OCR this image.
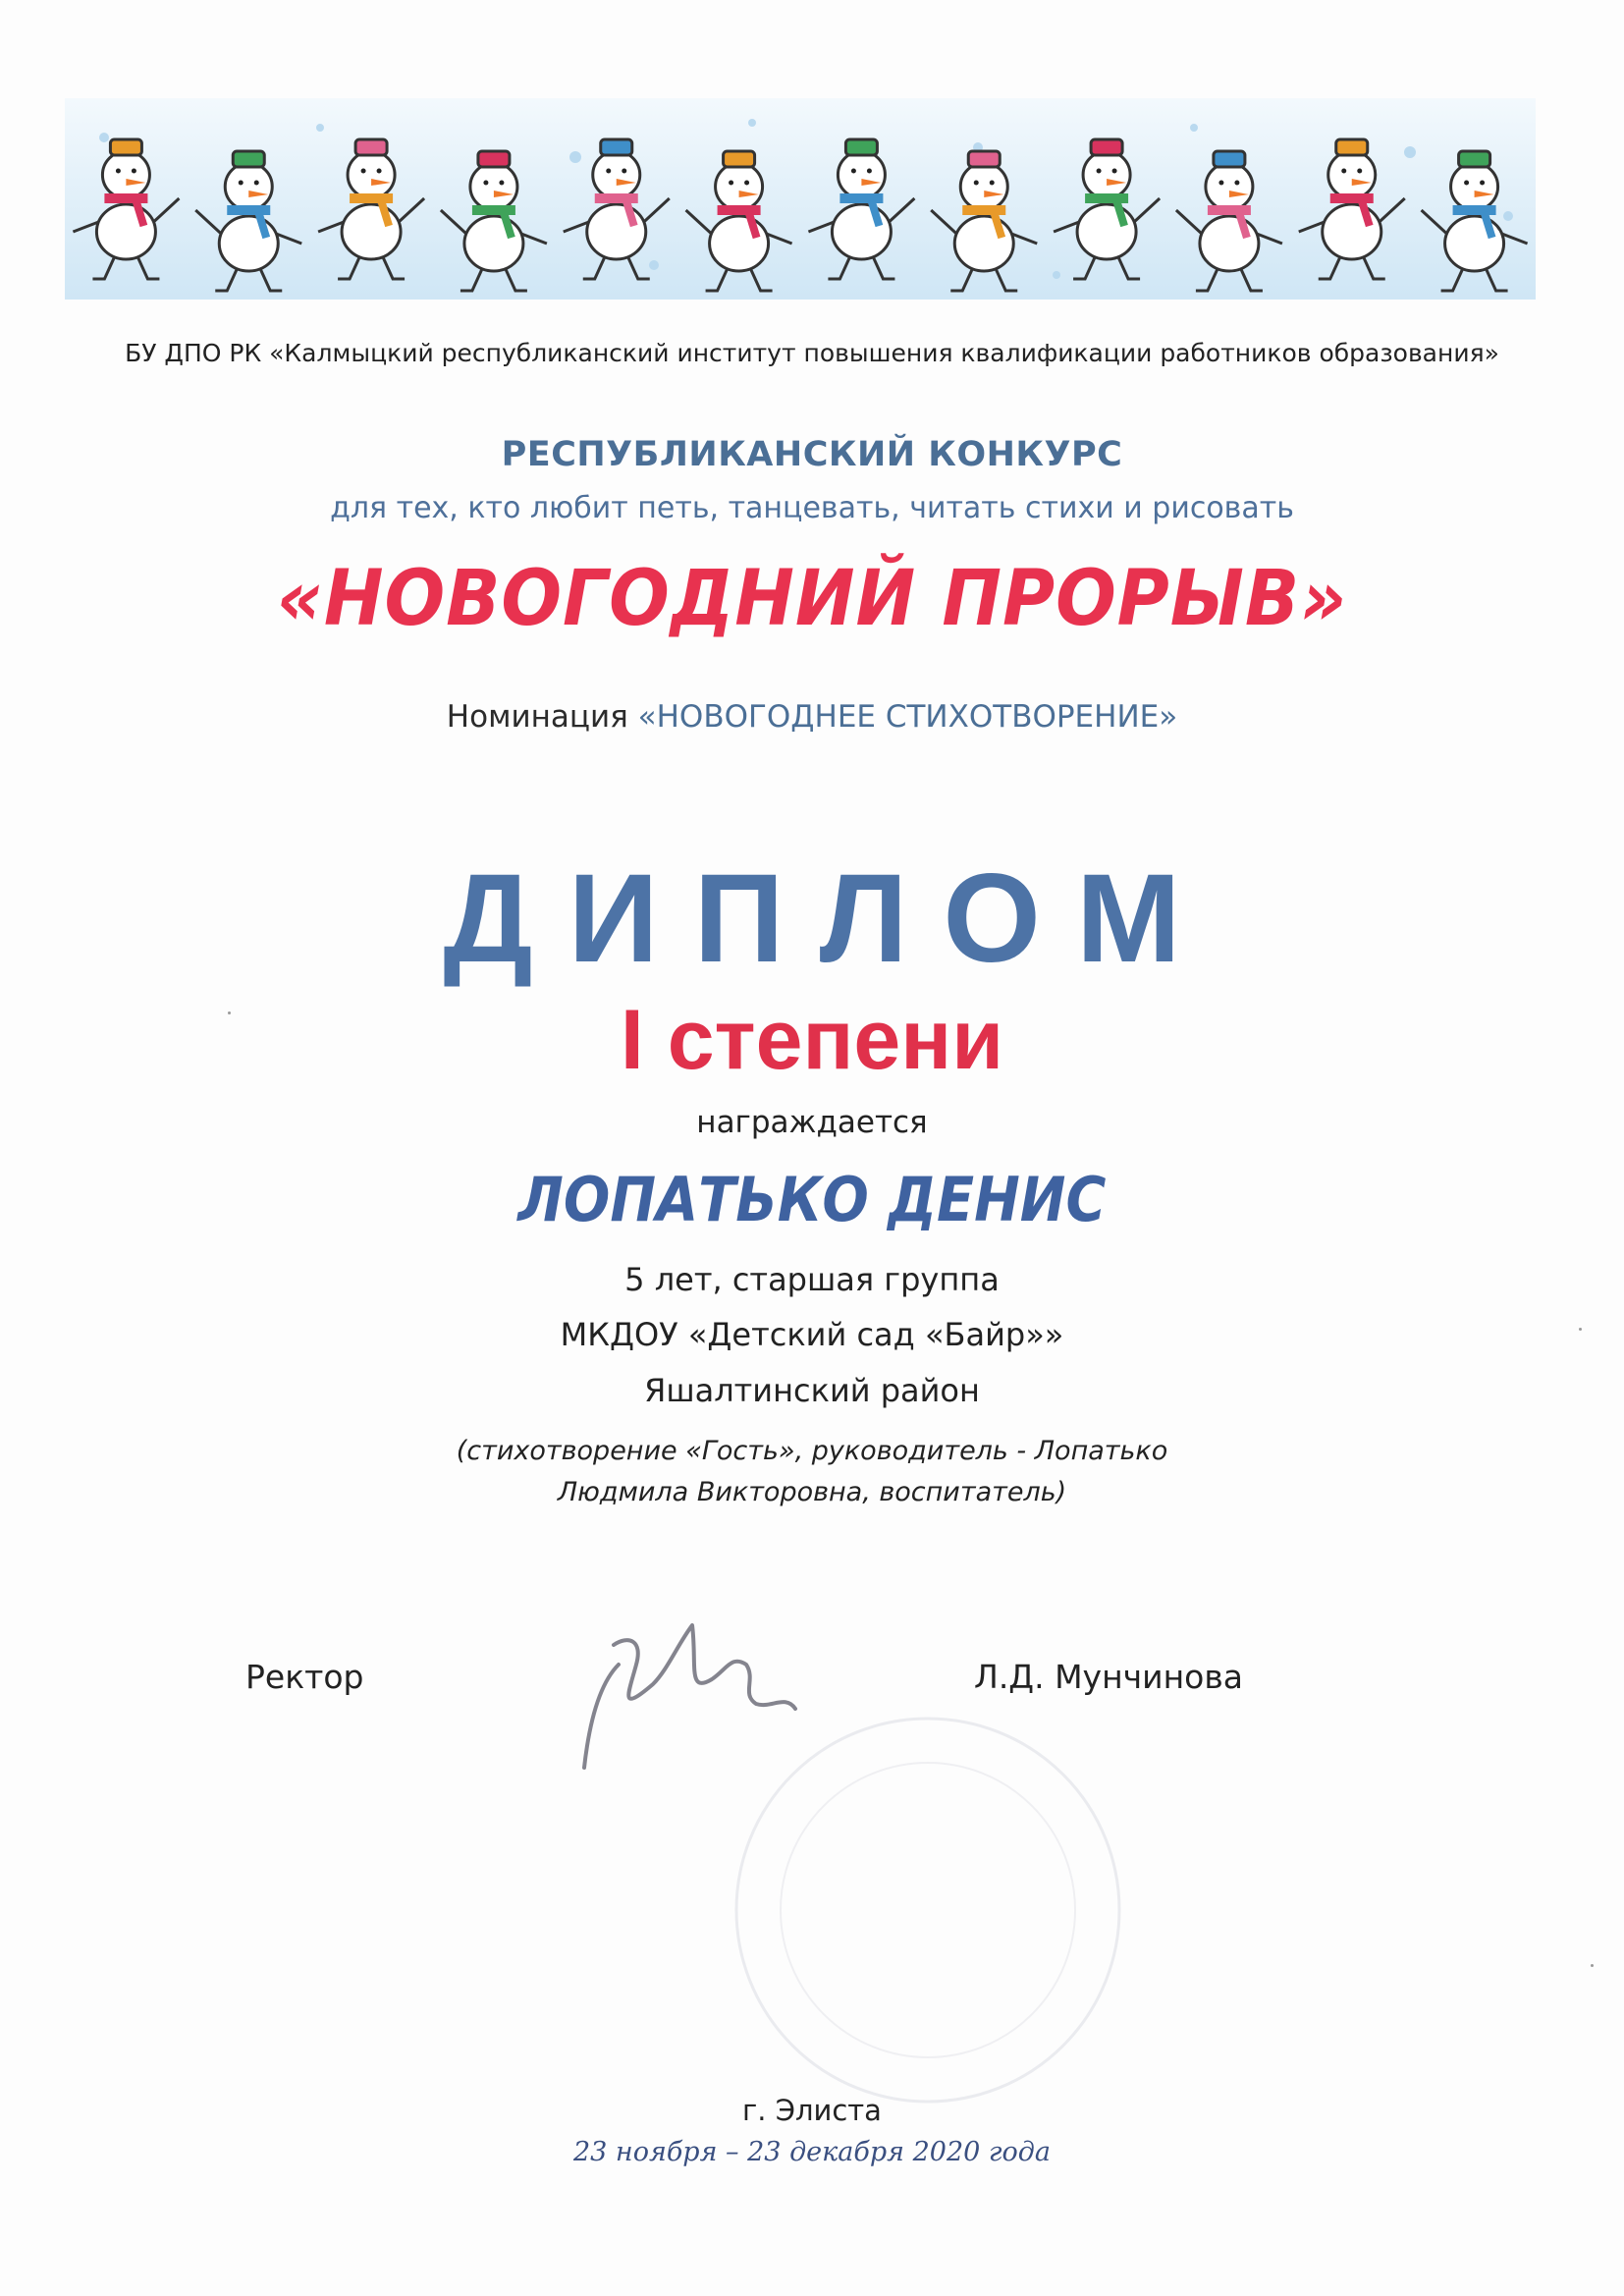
БУ ДПО РК «Калмыцкий республиканский институт повышения квалификации работников образования»
РЕСПУБЛИКАНСКИЙ КОНКУРС
для тех, кто любит петь, танцевать, читать стихи и рисовать
«НОВОГОДНИЙ ПРОРЫВ»
Номинация «НОВОГОДНЕЕ СТИХОТВОРЕНИЕ»
ДИПЛОМ
I степени
награждается
ЛОПАТЬКО ДЕНИС
5 лет, старшая группа
МКДОУ «Детский сад «Байр»»
Яшалтинский район
(стихотворение «Гость», руководитель - Лопатько
Людмила Викторовна, воспитатель)
Ректор	Л.Д. Мунчинова
г. Элиста
23 ноября – 23 декабря 2020 года
